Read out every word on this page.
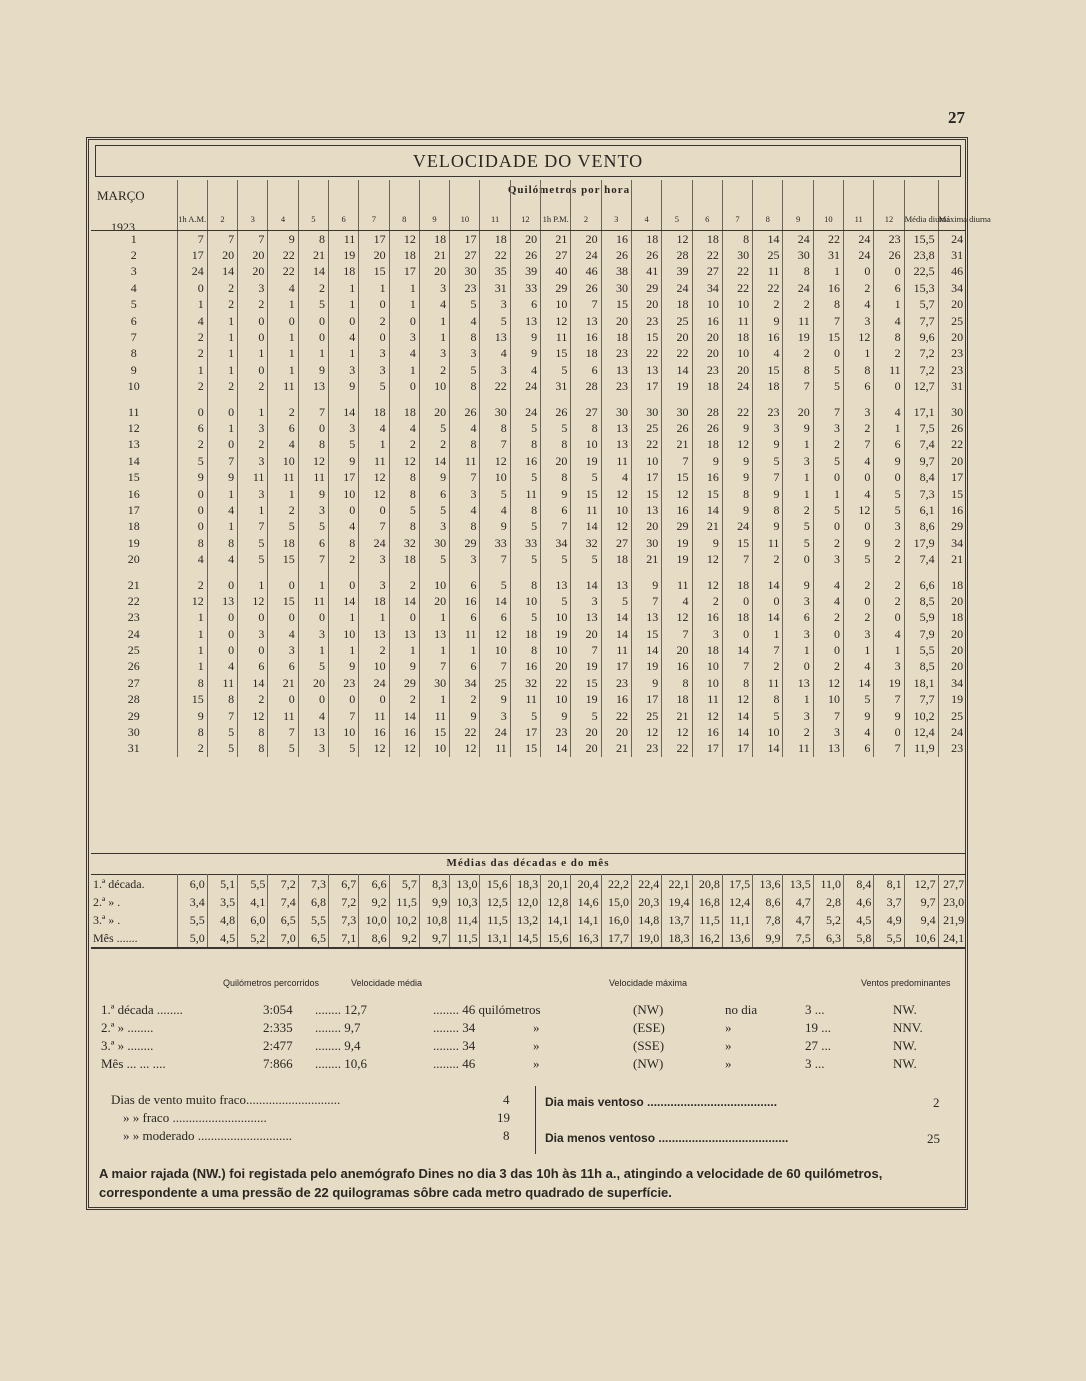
27
VELOCIDADE DO VENTO
MARÇO
1923
Quilómetros por hora
	1h A.M.	2	3	4	5	6	7	8	9	10	11	12	1h P.M.	2	3	4	5	6	7	8	9	10	11	12	Média diurna	Máxima diurna
1	7	7	7	9	8	11	17	12	18	17	18	20	21	20	16	18	12	18	8	14	24	22	24	23	15,5	24
2	17	20	20	22	21	19	20	18	21	27	22	26	27	24	26	26	28	22	30	25	30	31	24	26	23,8	31
3	24	14	20	22	14	18	15	17	20	30	35	39	40	46	38	41	39	27	22	11	8	1	0	0	22,5	46
4	0	2	3	4	2	1	1	1	3	23	31	33	29	26	30	29	24	34	22	22	24	16	2	6	15,3	34
5	1	2	2	1	5	1	0	1	4	5	3	6	10	7	15	20	18	10	10	2	2	8	4	1	5,7	20
6	4	1	0	0	0	0	2	0	1	4	5	13	12	13	20	23	25	16	11	9	11	7	3	4	7,7	25
7	2	1	0	1	0	4	0	3	1	8	13	9	11	16	18	15	20	20	18	16	19	15	12	8	9,6	20
8	2	1	1	1	1	1	3	4	3	3	4	9	15	18	23	22	22	20	10	4	2	0	1	2	7,2	23
9	1	1	0	1	9	3	3	1	2	5	3	4	5	6	13	13	14	23	20	15	8	5	8	11	7,2	23
10	2	2	2	11	13	9	5	0	10	8	22	24	31	28	23	17	19	18	24	18	7	5	6	0	12,7	31

11	0	0	1	2	7	14	18	18	20	26	30	24	26	27	30	30	30	28	22	23	20	7	3	4	17,1	30
12	6	1	3	6	0	3	4	4	5	4	8	5	5	8	13	25	26	26	9	3	9	3	2	1	7,5	26
13	2	0	2	4	8	5	1	2	2	8	7	8	8	10	13	22	21	18	12	9	1	2	7	6	7,4	22
14	5	7	3	10	12	9	11	12	14	11	12	16	20	19	11	10	7	9	9	5	3	5	4	9	9,7	20
15	9	9	11	11	11	17	12	8	9	7	10	5	8	5	4	17	15	16	9	7	1	0	0	0	8,4	17
16	0	1	3	1	9	10	12	8	6	3	5	11	9	15	12	15	12	15	8	9	1	1	4	5	7,3	15
17	0	4	1	2	3	0	0	5	5	4	4	8	6	11	10	13	16	14	9	8	2	5	12	5	6,1	16
18	0	1	7	5	5	4	7	8	3	8	9	5	7	14	12	20	29	21	24	9	5	0	0	3	8,6	29
19	8	8	5	18	6	8	24	32	30	29	33	33	34	32	27	30	19	9	15	11	5	2	9	2	17,9	34
20	4	4	5	15	7	2	3	18	5	3	7	5	5	5	18	21	19	12	7	2	0	3	5	2	7,4	21

21	2	0	1	0	1	0	3	2	10	6	5	8	13	14	13	9	11	12	18	14	9	4	2	2	6,6	18
22	12	13	12	15	11	14	18	14	20	16	14	10	5	3	5	7	4	2	0	0	3	4	0	2	8,5	20
23	1	0	0	0	0	1	1	0	1	6	6	5	10	13	14	13	12	16	18	14	6	2	2	0	5,9	18
24	1	0	3	4	3	10	13	13	13	11	12	18	19	20	14	15	7	3	0	1	3	0	3	4	7,9	20
25	1	0	0	3	1	1	2	1	1	1	10	8	10	7	11	14	20	18	14	7	1	0	1	1	5,5	20
26	1	4	6	6	5	9	10	9	7	6	7	16	20	19	17	19	16	10	7	2	0	2	4	3	8,5	20
27	8	11	14	21	20	23	24	29	30	34	25	32	22	15	23	9	8	10	8	11	13	12	14	19	18,1	34
28	15	8	2	0	0	0	0	2	1	2	9	11	10	19	16	17	18	11	12	8	1	10	5	7	7,7	19
29	9	7	12	11	4	7	11	14	11	9	3	5	9	5	22	25	21	12	14	5	3	7	9	9	10,2	25
30	8	5	8	7	13	10	16	16	15	22	24	17	23	20	20	12	12	16	14	10	2	3	4	0	12,4	24
31	2	5	8	5	3	5	12	12	10	12	11	15	14	20	21	23	22	17	17	14	11	13	6	7	11,9	23
Médias das décadas e do mês
1.ª década.	6,0	5,1	5,5	7,2	7,3	6,7	6,6	5,7	8,3	13,0	15,6	18,3	20,1	20,4	22,2	22,4	22,1	20,8	17,5	13,6	13,5	11,0	8,4	8,1	12,7	27,7
2.ª » .	3,4	3,5	4,1	7,4	6,8	7,2	9,2	11,5	9,9	10,3	12,5	12,0	12,8	14,6	15,0	20,3	19,4	16,8	12,4	8,6	4,7	2,8	4,6	3,7	9,7	23,0
3.ª » .	5,5	4,8	6,0	6,5	5,5	7,3	10,0	10,2	10,8	11,4	11,5	13,2	14,1	14,1	16,0	14,8	13,7	11,5	11,1	7,8	4,7	5,2	4,5	4,9	9,4	21,9
Mês .......	5,0	4,5	5,2	7,0	6,5	7,1	8,6	9,2	9,7	11,5	13,1	14,5	15,6	16,3	17,7	19,0	18,3	16,2	13,6	9,9	7,5	6,3	5,8	5,5	10,6	24,1
Quilómetros percorridos	Velocidade média	Velocidade máxima	Ventos predominantes
1.ª década ........	3:054 ........ 12,7	........ 46 quilómetros	(NW)	no dia	3 ...	NW.
2.ª » ........	2:335 ........ 9,7	........ 34	»	(ESE)	»	19 ...	NNV.
3.ª » ........	2:477 ........ 9,4	........ 34	»	(SSE)	»	27 ...	NW.
Mês ... ... ....	7:866 ........ 10,6	........ 46	»	(NW)	»	3 ...	NW.
Dias de vento muito fraco.............................	4
» » fraco .............................	19
» » moderado .............................	8
Dia mais ventoso .......................................	2
Dia menos ventoso .......................................	25
A maior rajada (NW.) foi registada pelo anemógrafo Dines no dia 3 das 10h às 11h a., atingindo a velocidade de 60 quilómetros, correspondente a uma pressão de 22 quilogramas sôbre cada metro quadrado de superfície.
